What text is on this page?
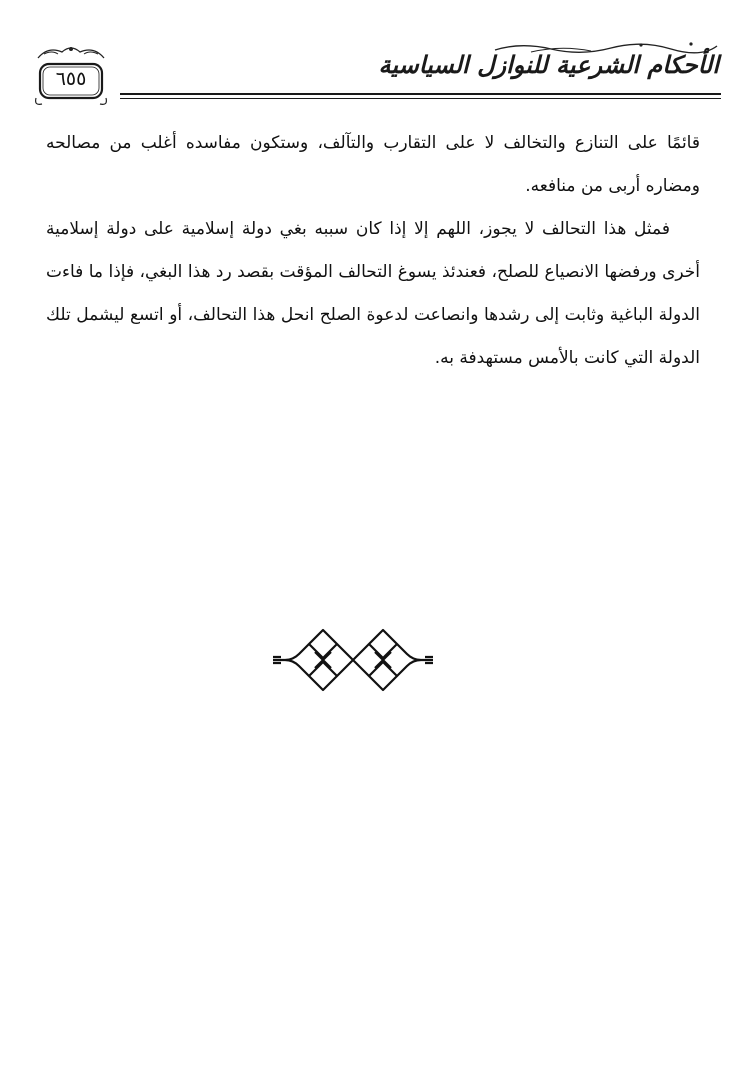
الأحكام الشرعية للنوازل السياسية
٦٥٥

قائمًا على التنازع والتخالف لا على التقارب والتآلف، وستكون مفاسده أغلب من مصالحه ومضاره أربى من منافعه.

فمثل هذا التحالف لا يجوز، اللهم إلا إذا كان سببه بغي دولة إسلامية على دولة إسلامية أخرى ورفضها الانصياع للصلح، فعندئذ يسوغ التحالف المؤقت بقصد رد هذا البغي، فإذا ما فاءت الدولة الباغية وثابت إلى رشدها وانصاعت لدعوة الصلح انحل هذا التحالف، أو اتسع ليشمل تلك الدولة التي كانت بالأمس مستهدفة به.
